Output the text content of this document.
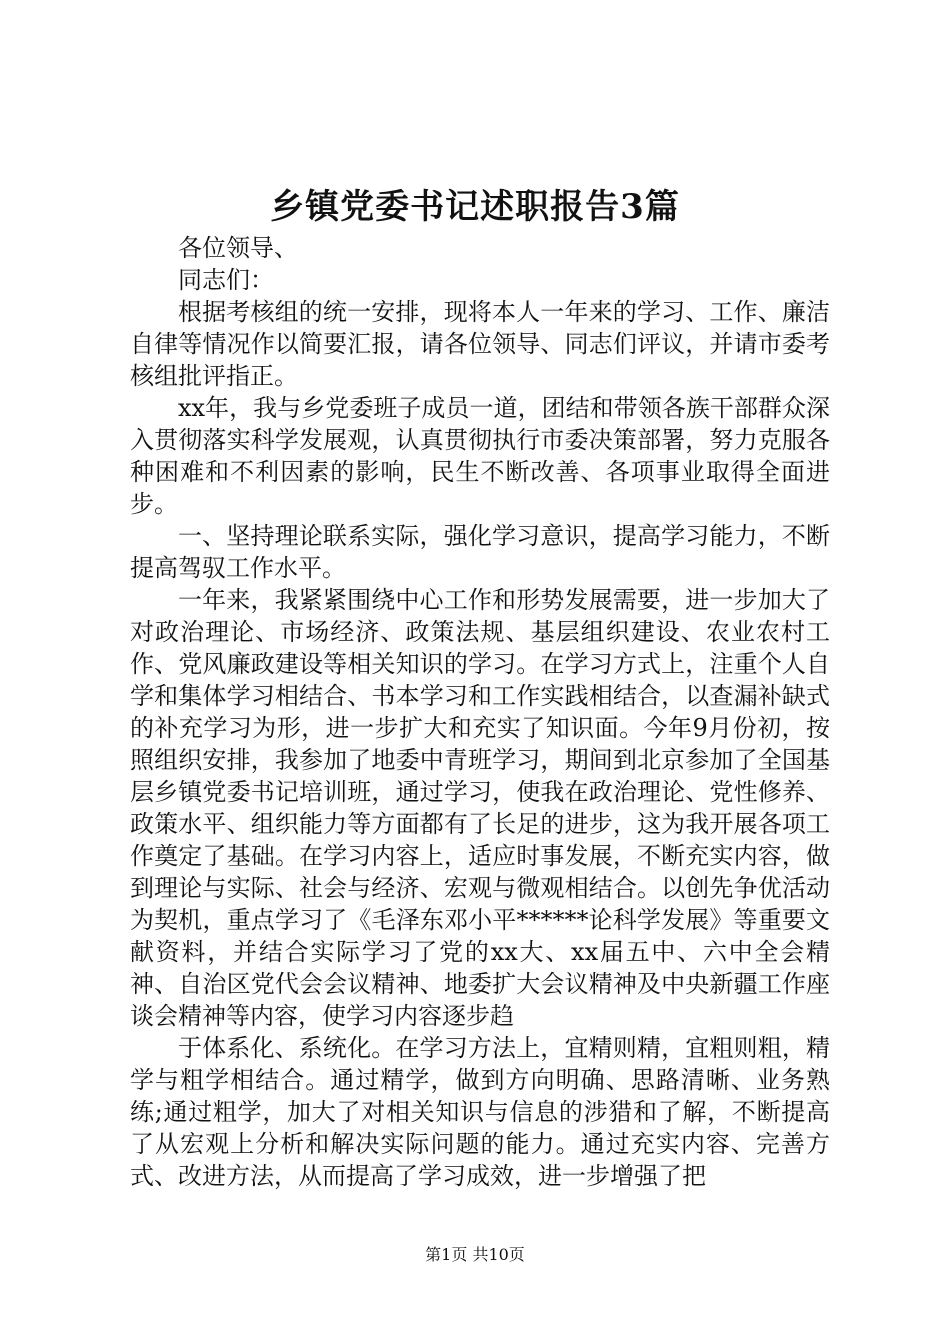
乡镇党委书记述职报告3篇

各位领导、

同志们：

根据考核组的统一安排，现将本人一年来的学习、工作、廉洁自律等情况作以简要汇报，请各位领导、同志们评议，并请市委考核组批评指正。

xx年，我与乡党委班子成员一道，团结和带领各族干部群众深入贯彻落实科学发展观，认真贯彻执行市委决策部署，努力克服各种困难和不利因素的影响，民生不断改善、各项事业取得全面进步。

一、坚持理论联系实际，强化学习意识，提高学习能力，不断提高驾驭工作水平。

一年来，我紧紧围绕中心工作和形势发展需要，进一步加大了对政治理论、市场经济、政策法规、基层组织建设、农业农村工作、党风廉政建设等相关知识的学习。在学习方式上，注重个人自学和集体学习相结合、书本学习和工作实践相结合，以查漏补缺式的补充学习为形，进一步扩大和充实了知识面。今年9月份初，按照组织安排，我参加了地委中青班学习，期间到北京参加了全国基层乡镇党委书记培训班，通过学习，使我在政治理论、党性修养、政策水平、组织能力等方面都有了长足的进步，这为我开展各项工作奠定了基础。在学习内容上，适应时事发展，不断充实内容，做到理论与实际、社会与经济、宏观与微观相结合。以创先争优活动为契机，重点学习了《毛泽东邓小平******论科学发展》等重要文献资料，并结合实际学习了党的xx大、xx届五中、六中全会精神、自治区党代会会议精神、地委扩大会议精神及中央新疆工作座谈会精神等内容，使学习内容逐步趋

于体系化、系统化。在学习方法上，宜精则精，宜粗则粗，精学与粗学相结合。通过精学，做到方向明确、思路清晰、业务熟练;通过粗学，加大了对相关知识与信息的涉猎和了解，不断提高了从宏观上分析和解决实际问题的能力。通过充实内容、完善方式、改进方法，从而提高了学习成效，进一步增强了把

第1页 共10页
